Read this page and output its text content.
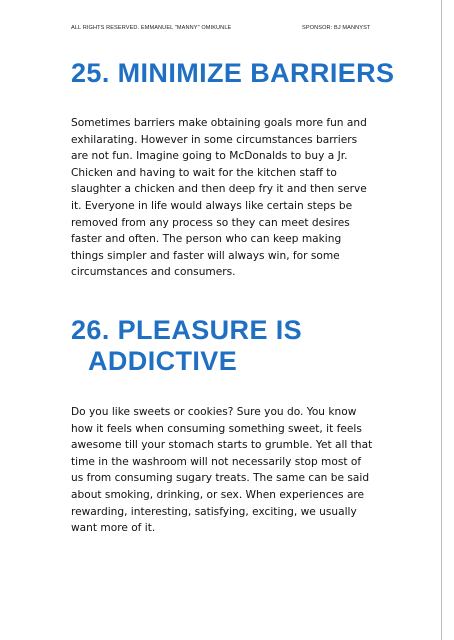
ALL RIGHTS RESERVED. EMMANUEL "MANNY" OMIKUNLE	SPONSOR: BJ MANNYST
25. MINIMIZE BARRIERS
Sometimes barriers make obtaining goals more fun and
exhilarating. However in some circumstances barriers
are not fun. Imagine going to McDonalds to buy a Jr.
Chicken and having to wait for the kitchen staff to
slaughter a chicken and then deep fry it and then serve
it. Everyone in life would always like certain steps be
removed from any process so they can meet desires
faster and often. The person who can keep making
things simpler and faster will always win, for some
circumstances and consumers.
26. PLEASURE IS
ADDICTIVE
Do you like sweets or cookies? Sure you do. You know
how it feels when consuming something sweet, it feels
awesome till your stomach starts to grumble. Yet all that
time in the washroom will not necessarily stop most of
us from consuming sugary treats. The same can be said
about smoking, drinking, or sex. When experiences are
rewarding, interesting, satisfying, exciting, we usually
want more of it.
